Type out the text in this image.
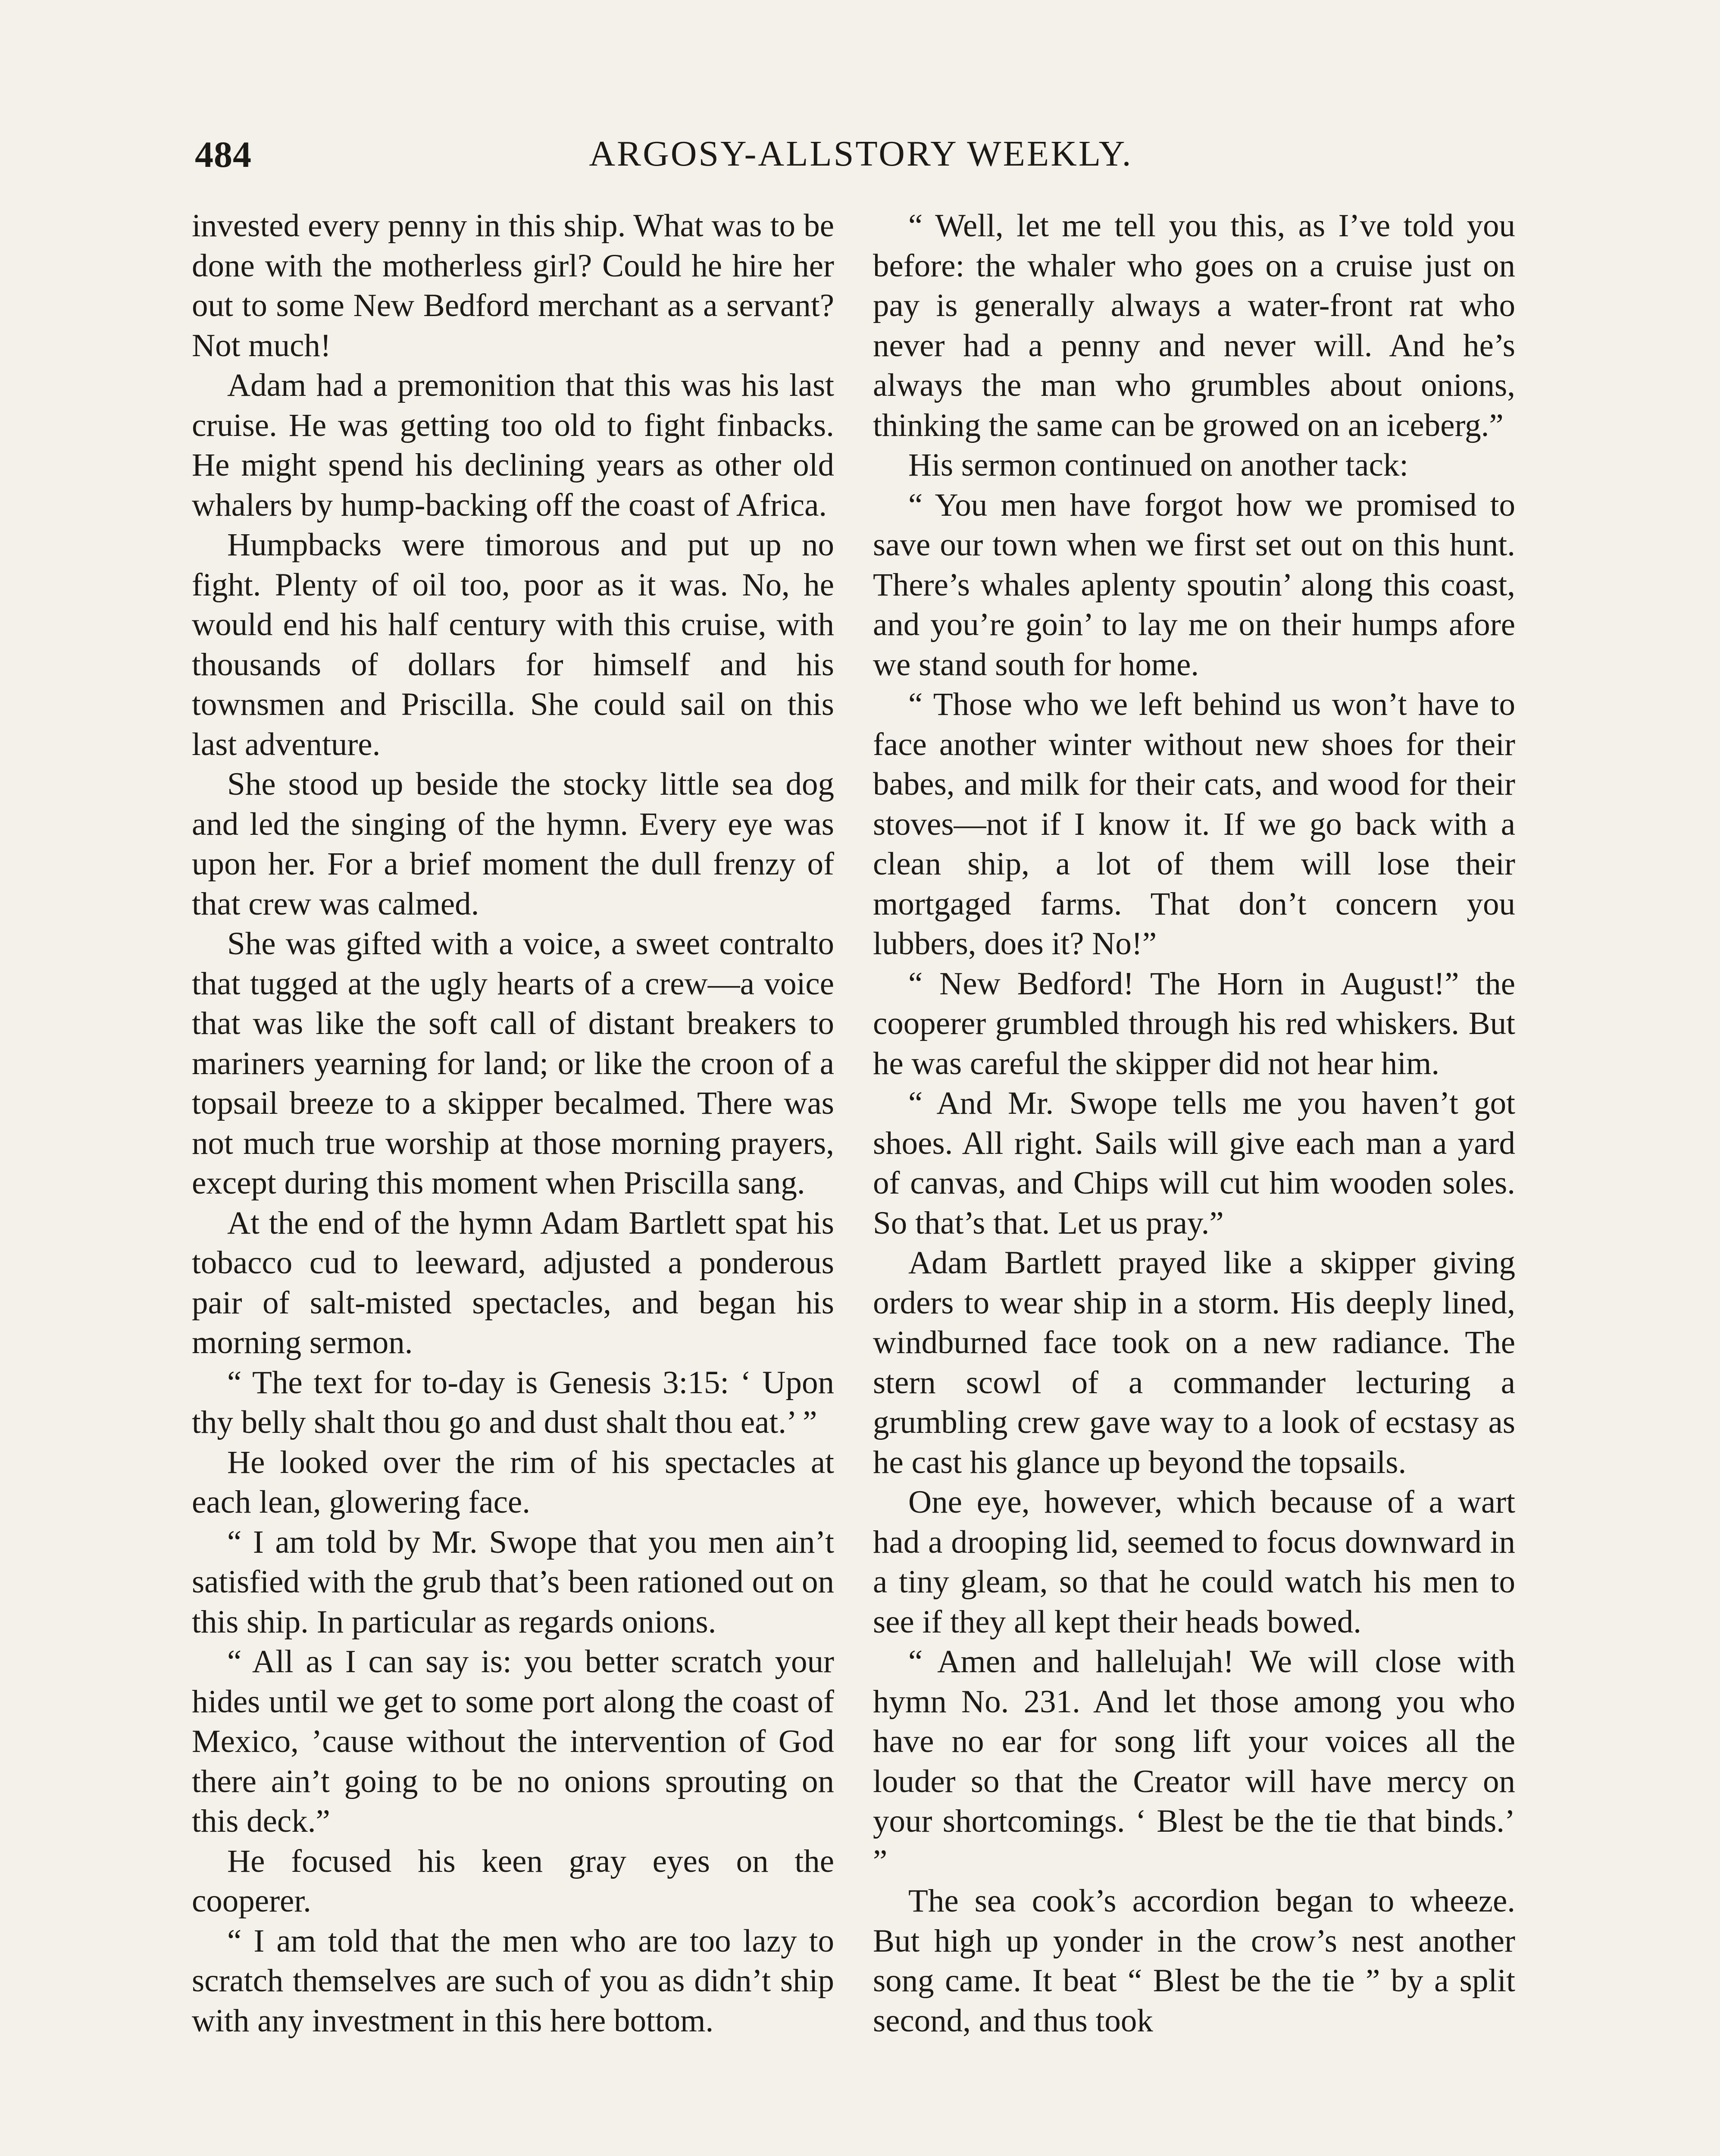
484	ARGOSY-ALLSTORY WEEKLY.

invested every penny in this ship. What was to be done with the motherless girl? Could he hire her out to some New Bedford merchant as a servant? Not much!

Adam had a premonition that this was his last cruise. He was getting too old to fight finbacks. He might spend his declining years as other old whalers by hump-backing off the coast of Africa.

Humpbacks were timorous and put up no fight. Plenty of oil too, poor as it was. No, he would end his half century with this cruise, with thousands of dollars for himself and his townsmen and Priscilla. She could sail on this last adventure.

She stood up beside the stocky little sea dog and led the singing of the hymn. Every eye was upon her. For a brief moment the dull frenzy of that crew was calmed.

She was gifted with a voice, a sweet contralto that tugged at the ugly hearts of a crew—a voice that was like the soft call of distant breakers to mariners yearning for land; or like the croon of a topsail breeze to a skipper becalmed. There was not much true worship at those morning prayers, except during this moment when Priscilla sang.

At the end of the hymn Adam Bartlett spat his tobacco cud to leeward, adjusted a ponderous pair of salt-misted spectacles, and began his morning sermon.

“ The text for to-day is Genesis 3:15: ‘ Upon thy belly shalt thou go and dust shalt thou eat.’ ”

He looked over the rim of his spectacles at each lean, glowering face.

“ I am told by Mr. Swope that you men ain’t satisfied with the grub that’s been rationed out on this ship. In particular as regards onions.

“ All as I can say is: you better scratch your hides until we get to some port along the coast of Mexico, ’cause without the intervention of God there ain’t going to be no onions sprouting on this deck.”

He focused his keen gray eyes on the cooperer.

“ I am told that the men who are too lazy to scratch themselves are such of you as didn’t ship with any investment in this here bottom.

“ Well, let me tell you this, as I’ve told you before: the whaler who goes on a cruise just on pay is generally always a water-front rat who never had a penny and never will. And he’s always the man who grumbles about onions, thinking the same can be growed on an iceberg.”

His sermon continued on another tack:

“ You men have forgot how we promised to save our town when we first set out on this hunt. There’s whales aplenty spoutin’ along this coast, and you’re goin’ to lay me on their humps afore we stand south for home.

“ Those who we left behind us won’t have to face another winter without new shoes for their babes, and milk for their cats, and wood for their stoves—not if I know it. If we go back with a clean ship, a lot of them will lose their mortgaged farms. That don’t concern you lubbers, does it? No!”

“ New Bedford! The Horn in August!” the cooperer grumbled through his red whiskers. But he was careful the skipper did not hear him.

“ And Mr. Swope tells me you haven’t got shoes. All right. Sails will give each man a yard of canvas, and Chips will cut him wooden soles. So that’s that. Let us pray.”

Adam Bartlett prayed like a skipper giving orders to wear ship in a storm. His deeply lined, windburned face took on a new radiance. The stern scowl of a commander lecturing a grumbling crew gave way to a look of ecstasy as he cast his glance up beyond the topsails.

One eye, however, which because of a wart had a drooping lid, seemed to focus downward in a tiny gleam, so that he could watch his men to see if they all kept their heads bowed.

“ Amen and hallelujah! We will close with hymn No. 231. And let those among you who have no ear for song lift your voices all the louder so that the Creator will have mercy on your shortcomings. ‘ Blest be the tie that binds.’ ”

The sea cook’s accordion began to wheeze. But high up yonder in the crow’s nest another song came. It beat “ Blest be the tie ” by a split second, and thus took
